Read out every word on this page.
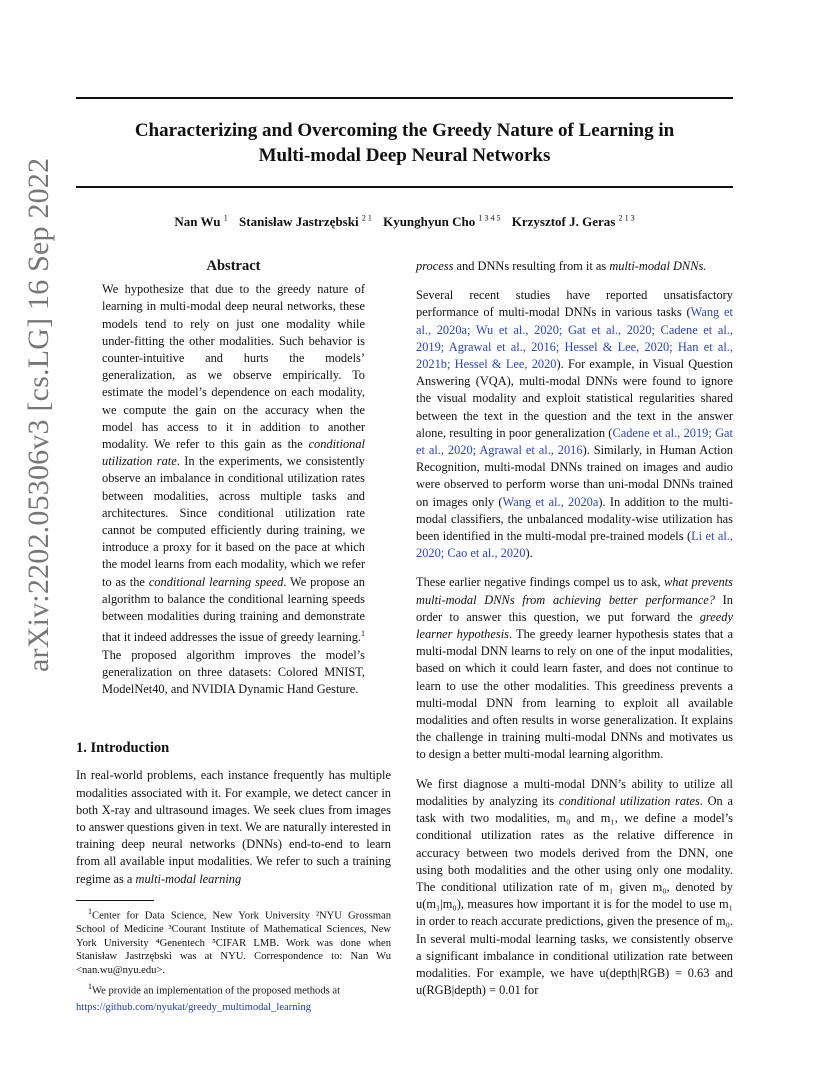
Characterizing and Overcoming the Greedy Nature of Learning in
Multi-modal Deep Neural Networks
Nan Wu $^1$ Stanisław Jastrzębski $^{2 1}$ Kyunghyun Cho $^{1 3 4 5}$ Krzysztof J. Geras $^{2 1 3}$
arXiv:2202.05306v3 [cs.LG] 16 Sep 2022	Abstract
We hypothesize that due to the greedy nature of learning in multi-modal deep neural networks, these models tend to rely on just one modality while under-fitting the other modalities. Such behavior is counter-intuitive and hurts the models’ generalization, as we observe empirically. To estimate the model’s dependence on each modality, we compute the gain on the accuracy when the model has access to it in addition to another modality. We refer to this gain as the conditional utilization rate. In the experiments, we consistently observe an imbalance in conditional utilization rates between modalities, across multiple tasks and architectures. Since conditional utilization rate cannot be computed efficiently during training, we introduce a proxy for it based on the pace at which the model learns from each modality, which we refer to as the conditional learning speed. We propose an algorithm to balance the conditional learning speeds between modalities during training and demonstrate that it indeed addresses the issue of greedy learning.$^1$ The proposed algorithm improves the model’s generalization on three datasets: Colored MNIST, ModelNet40, and NVIDIA Dynamic Hand Gesture.
1. Introduction
In real-world problems, each instance frequently has multiple modalities associated with it. For example, we detect cancer in both X-ray and ultrasound images. We seek clues from images to answer questions given in text. We are naturally interested in training deep neural networks (DNNs) end-to-end to learn from all available input modalities. We refer to such a training regime as a multi-modal learning
$^1$Center for Data Science, New York University ²NYU Grossman School of Medicine ³Courant Institute of Mathematical Sciences, New York University ⁴Genentech ⁵CIFAR LMB. Work was done when Stanisław Jastrzębski was at NYU. Correspondence to: Nan Wu <nan.wu@nyu.edu>.
$^1$We provide an implementation of the proposed methods at
https://github.com/nyukat/greedy_multimodal_learning
process and DNNs resulting from it as multi-modal DNNs.
Several recent studies have reported unsatisfactory performance of multi-modal DNNs in various tasks (Wang et al., 2020a; Wu et al., 2020; Gat et al., 2020; Cadene et al., 2019; Agrawal et al., 2016; Hessel & Lee, 2020; Han et al., 2021b; Hessel & Lee, 2020). For example, in Visual Question Answering (VQA), multi-modal DNNs were found to ignore the visual modality and exploit statistical regularities shared between the text in the question and the text in the answer alone, resulting in poor generalization (Cadene et al., 2019; Gat et al., 2020; Agrawal et al., 2016). Similarly, in Human Action Recognition, multi-modal DNNs trained on images and audio were observed to perform worse than uni-modal DNNs trained on images only (Wang et al., 2020a). In addition to the multi-modal classifiers, the unbalanced modality-wise utilization has been identified in the multi-modal pre-trained models (Li et al., 2020; Cao et al., 2020).
These earlier negative findings compel us to ask, what prevents multi-modal DNNs from achieving better performance? In order to answer this question, we put forward the greedy learner hypothesis. The greedy learner hypothesis states that a multi-modal DNN learns to rely on one of the input modalities, based on which it could learn faster, and does not continue to learn to use the other modalities. This greediness prevents a multi-modal DNN from learning to exploit all available modalities and often results in worse generalization. It explains the challenge in training multi-modal DNNs and motivates us to design a better multi-modal learning algorithm.
We first diagnose a multi-modal DNN’s ability to utilize all modalities by analyzing its conditional utilization rates. On a task with two modalities, m₀ and m₁, we define a model’s conditional utilization rates as the relative difference in accuracy between two models derived from the DNN, one using both modalities and the other using only one modality. The conditional utilization rate of m₁ given m₀, denoted by u(m₁|m₀), measures how important it is for the model to use m₁ in order to reach accurate predictions, given the presence of m₀. In several multi-modal learning tasks, we consistently observe a significant imbalance in conditional utilization rate between modalities. For example, we have u(depth|RGB) = 0.63 and u(RGB|depth) = 0.01 for
